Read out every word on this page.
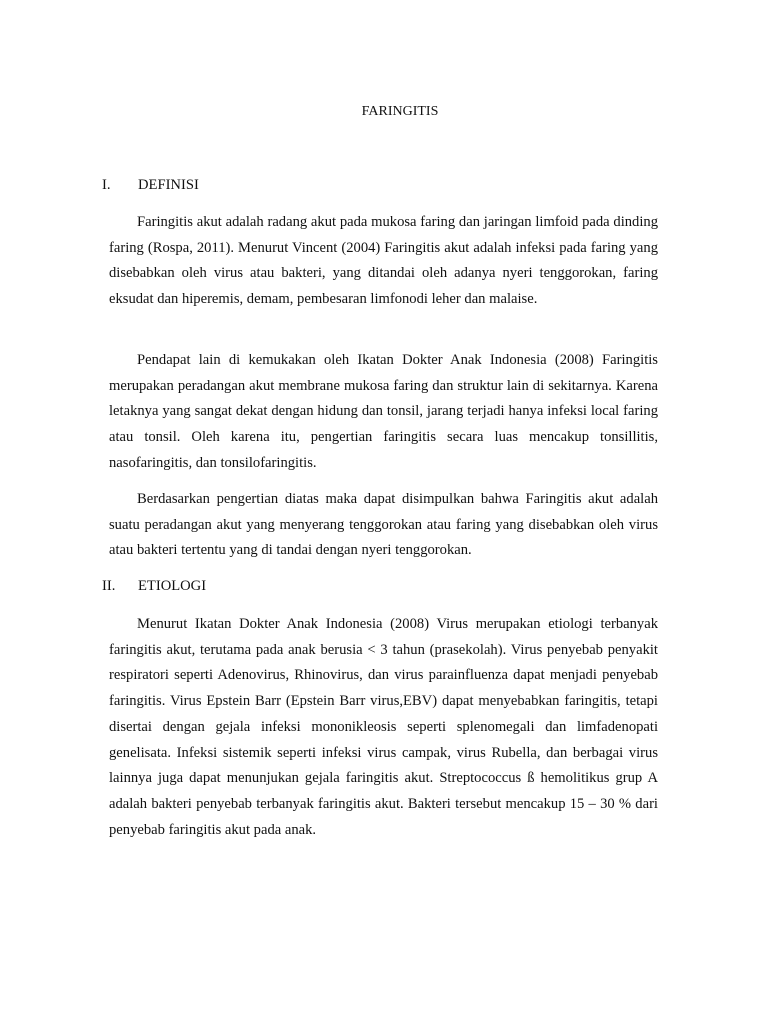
FARINGITIS
I. DEFINISI

Faringitis akut adalah radang akut pada mukosa faring dan jaringan limfoid pada dinding faring (Rospa, 2011). Menurut Vincent (2004) Faringitis akut adalah infeksi pada faring yang disebabkan oleh virus atau bakteri, yang ditandai oleh adanya nyeri tenggorokan, faring eksudat dan hiperemis, demam, pembesaran limfonodi leher dan malaise.

Pendapat lain di kemukakan oleh Ikatan Dokter Anak Indonesia (2008) Faringitis merupakan peradangan akut membrane mukosa faring dan struktur lain di sekitarnya. Karena letaknya yang sangat dekat dengan hidung dan tonsil, jarang terjadi hanya infeksi local faring atau tonsil. Oleh karena itu, pengertian faringitis secara luas mencakup tonsillitis, nasofaringitis, dan tonsilofaringitis.

Berdasarkan pengertian diatas maka dapat disimpulkan bahwa Faringitis akut adalah suatu peradangan akut yang menyerang tenggorokan atau faring yang disebabkan oleh virus atau bakteri tertentu yang di tandai dengan nyeri tenggorokan.

II. ETIOLOGI

Menurut Ikatan Dokter Anak Indonesia (2008) Virus merupakan etiologi terbanyak faringitis akut, terutama pada anak berusia < 3 tahun (prasekolah). Virus penyebab penyakit respiratori seperti Adenovirus, Rhinovirus, dan virus parainfluenza dapat menjadi penyebab faringitis. Virus Epstein Barr (Epstein Barr virus,EBV) dapat menyebabkan faringitis, tetapi disertai dengan gejala infeksi mononikleosis seperti splenomegali dan limfadenopati genelisata. Infeksi sistemik seperti infeksi virus campak, virus Rubella, dan berbagai virus lainnya juga dapat menunjukan gejala faringitis akut. Streptococcus ß hemolitikus grup A adalah bakteri penyebab terbanyak faringitis akut. Bakteri tersebut mencakup 15 – 30 % dari penyebab faringitis akut pada anak.
